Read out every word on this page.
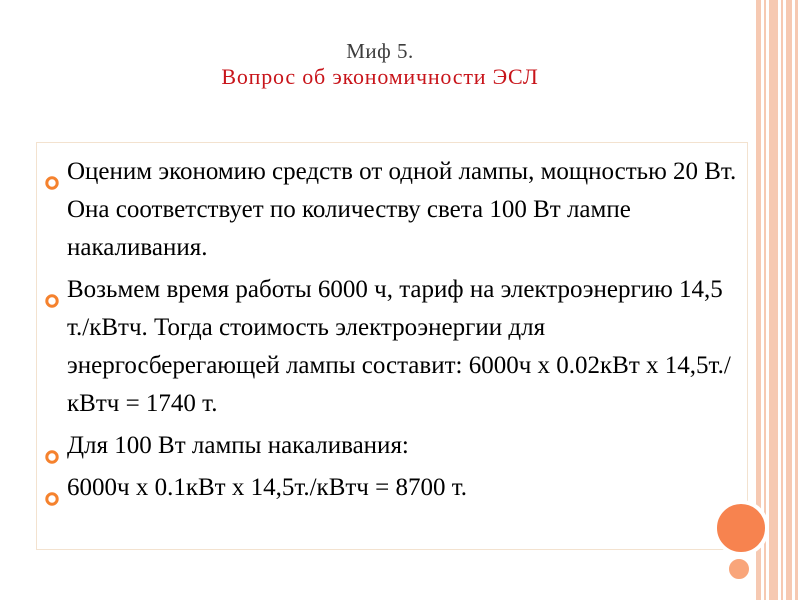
Миф 5.
Вопрос об экономичности ЭСЛ
Оценим экономию средств от одной лампы, мощностью 20 Вт. Она соответствует по количеству света 100 Вт лампе накаливания.
Возьмем время работы 6000 ч, тариф на электроэнергию 14,5 т./кВтч. Тогда стоимость электроэнергии для энергосберегающей лампы составит: 6000ч х 0.02кВт х 14,5т./кВтч = 1740 т.
Для 100 Вт лампы накаливания:
6000ч х 0.1кВт х 14,5т./кВтч = 8700 т.
